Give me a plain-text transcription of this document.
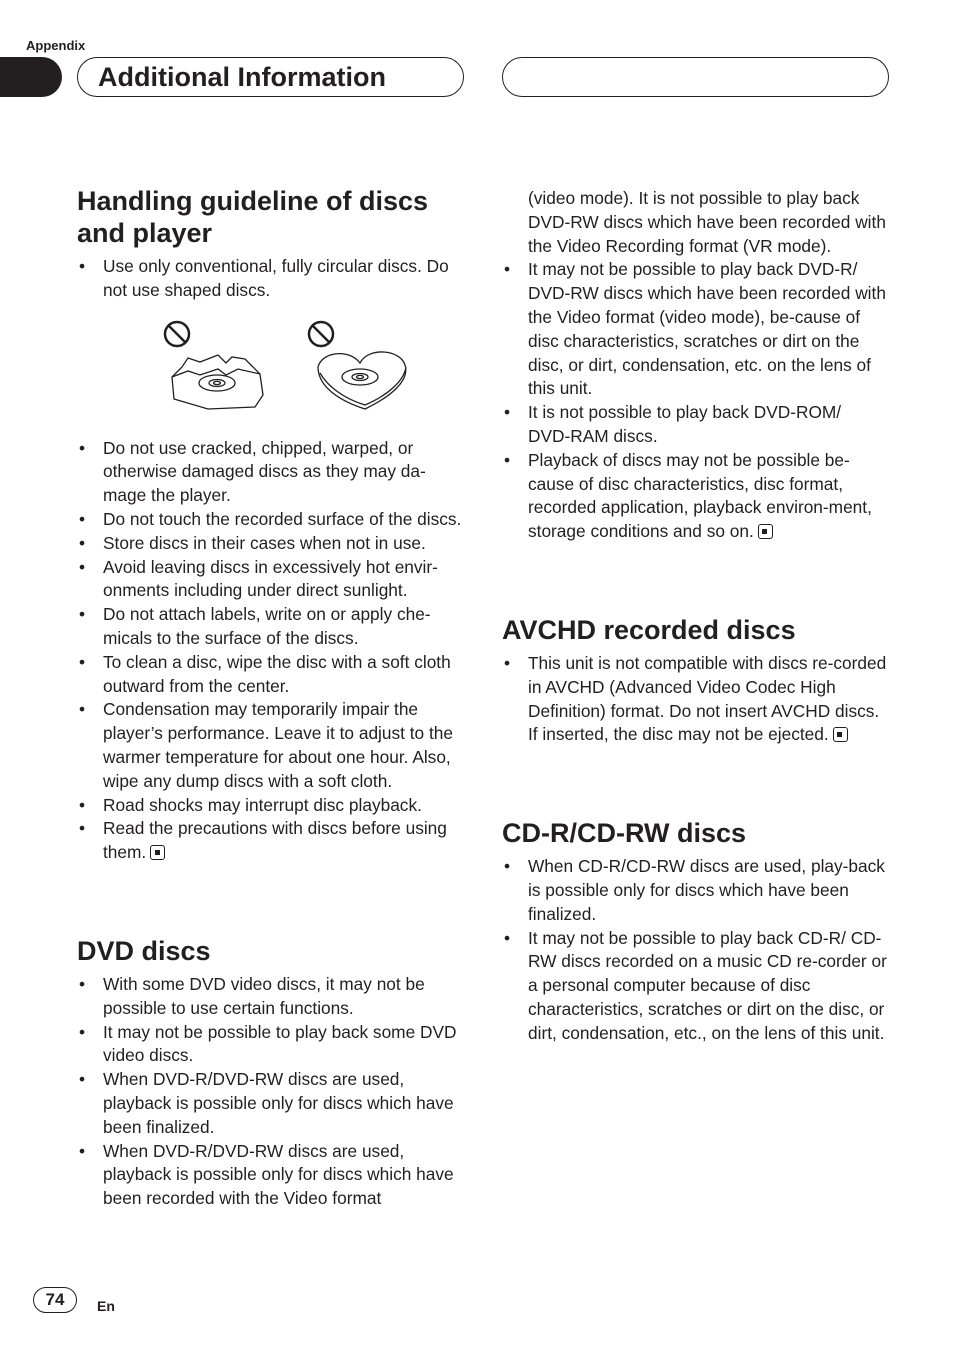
Appendix
Additional Information
Handling guideline of discs
and player
• Use only conventional, fully circular discs. Do not use shaped discs.
• Do not use cracked, chipped, warped, or otherwise damaged discs as they may da-mage the player.
• Do not touch the recorded surface of the discs.
• Store discs in their cases when not in use.
• Avoid leaving discs in excessively hot envir-onments including under direct sunlight.
• Do not attach labels, write on or apply che-micals to the surface of the discs.
• To clean a disc, wipe the disc with a soft cloth outward from the center.
• Condensation may temporarily impair the player’s performance. Leave it to adjust to the warmer temperature for about one hour. Also, wipe any dump discs with a soft cloth.
• Road shocks may interrupt disc playback.
• Read the precautions with discs before using them.
DVD discs
• With some DVD video discs, it may not be possible to use certain functions.
• It may not be possible to play back some DVD video discs.
• When DVD-R/DVD-RW discs are used, playback is possible only for discs which have been finalized.
• When DVD-R/DVD-RW discs are used, playback is possible only for discs which have been recorded with the Video format
(video mode). It is not possible to play back DVD-RW discs which have been recorded with the Video Recording format (VR mode).
• It may not be possible to play back DVD-R/ DVD-RW discs which have been recorded with the Video format (video mode), be-cause of disc characteristics, scratches or dirt on the disc, or dirt, condensation, etc. on the lens of this unit.
• It is not possible to play back DVD-ROM/ DVD-RAM discs.
• Playback of discs may not be possible be-cause of disc characteristics, disc format, recorded application, playback environ-ment, storage conditions and so on.
AVCHD recorded discs
• This unit is not compatible with discs re-corded in AVCHD (Advanced Video Codec High Definition) format. Do not insert AVCHD discs. If inserted, the disc may not be ejected.
CD-R/CD-RW discs
• When CD-R/CD-RW discs are used, play-back is possible only for discs which have been finalized.
• It may not be possible to play back CD-R/ CD-RW discs recorded on a music CD re-corder or a personal computer because of disc characteristics, scratches or dirt on the disc, or dirt, condensation, etc., on the lens of this unit.
74	En
